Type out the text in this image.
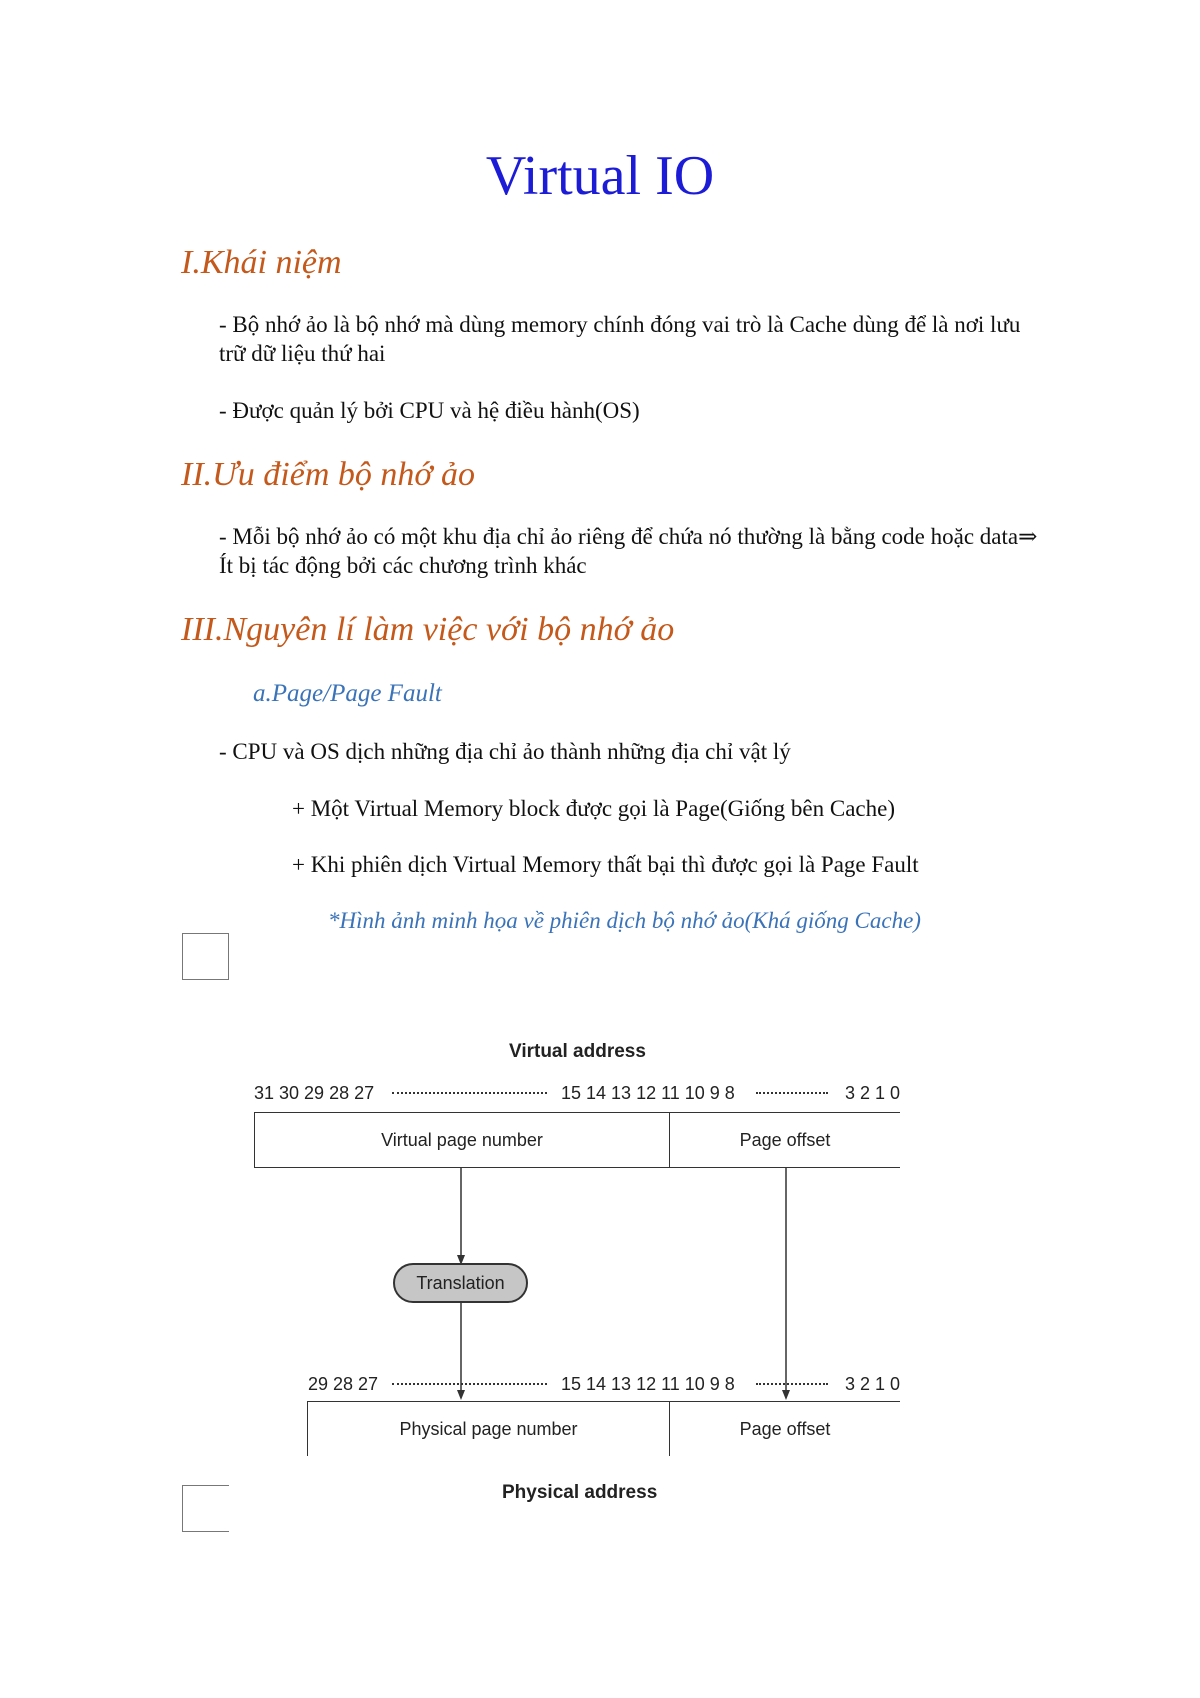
Virtual IO
I.Khái niệm
- Bộ nhớ ảo là bộ nhớ mà dùng memory chính đóng vai trò là Cache dùng để là nơi lưu trữ dữ liệu thứ hai
- Được quản lý bởi CPU và hệ điều hành(OS)
II.Ưu điểm bộ nhớ ảo
- Mỗi bộ nhớ ảo có một khu địa chỉ ảo riêng để chứa nó thường là bằng code hoặc data⇒ Ít bị tác động bởi các chương trình khác
III.Nguyên lí làm việc với bộ nhớ ảo
a.Page/Page Fault
- CPU và OS dịch những địa chỉ ảo thành những địa chỉ vật lý
+ Một Virtual Memory block được gọi là Page(Giống bên Cache)
+ Khi phiên dịch Virtual Memory thất bại thì được gọi là Page Fault
*Hình ảnh minh họa về phiên dịch bộ nhớ ảo(Khá giống Cache)
Virtual address
31 30 29 28 27	15 14 13 12 11 10 9 8	3 2 1 0
Virtual page number	Page offset
Translation
29 28 27	15 14 13 12 11 10 9 8	3 2 1 0
Physical page number	Page offset
Physical address
